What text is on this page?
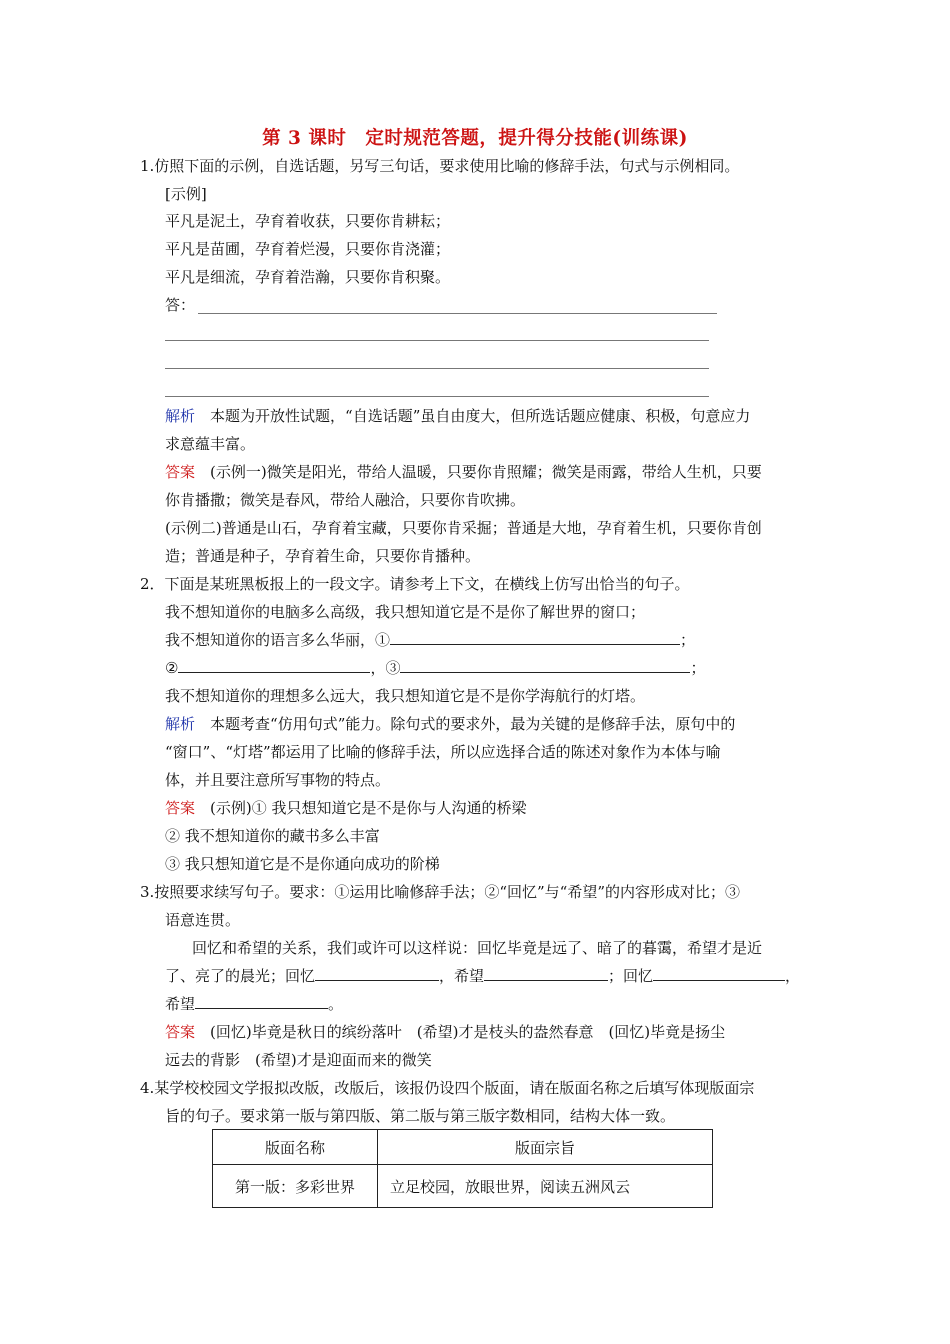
第 3 课时　定时规范答题，提升得分技能(训练课)
1.仿照下面的示例，自选话题，另写三句话，要求使用比喻的修辞手法，句式与示例相同。
[示例]
平凡是泥土，孕育着收获，只要你肯耕耘；
平凡是苗圃，孕育着烂漫，只要你肯浇灌；
平凡是细流，孕育着浩瀚，只要你肯积聚。
答：
解析　 本题为开放性试题，“自选话题”虽自由度大，但所选话题应健康、积极，句意应力
求意蕴丰富。
答案　 (示例一)微笑是阳光，带给人温暖，只要你肯照耀；微笑是雨露，带给人生机，只要
你肯播撒；微笑是春风，带给人融洽，只要你肯吹拂。
(示例二)普通是山石，孕育着宝藏，只要你肯采掘；普通是大地，孕育着生机，只要你肯创
造；普通是种子，孕育着生命，只要你肯播种。
2．下面是某班黑板报上的一段文字。请参考上下文，在横线上仿写出恰当的句子。
我不想知道你的电脑多么高级，我只想知道它是不是你了解世界的窗口；
我不想知道你的语言多么华丽，①	；
②	，③	；
我不想知道你的理想多么远大，我只想知道它是不是你学海航行的灯塔。
解析　 本题考查“仿用句式”能力。除句式的要求外，最为关键的是修辞手法，原句中的
“窗口”、“灯塔”都运用了比喻的修辞手法，所以应选择合适的陈述对象作为本体与喻
体，并且要注意所写事物的特点。
答案　 (示例)① 我只想知道它是不是你与人沟通的桥梁
② 我不想知道你的藏书多么丰富
③ 我只想知道它是不是你通向成功的阶梯
3.按照要求续写句子。要求：①运用比喻修辞手法；②“回忆”与“希望”的内容形成对比；③
语意连贯。
回忆和希望的关系，我们或许可以这样说：回忆毕竟是远了、暗了的暮霭，希望才是近
了、亮了的晨光；回忆	，希望	；回忆	，
希望	。
答案　 (回忆)毕竟是秋日的缤纷落叶　(希望)才是枝头的盎然春意　(回忆)毕竟是扬尘
远去的背影　(希望)才是迎面而来的微笑
4.某学校校园文学报拟改版，改版后，该报仍设四个版面，请在版面名称之后填写体现版面宗
旨的句子。要求第一版与第四版、第二版与第三版字数相同，结构大体一致。
版面名称	版面宗旨
第一版：多彩世界	立足校园，放眼世界，阅读五洲风云
